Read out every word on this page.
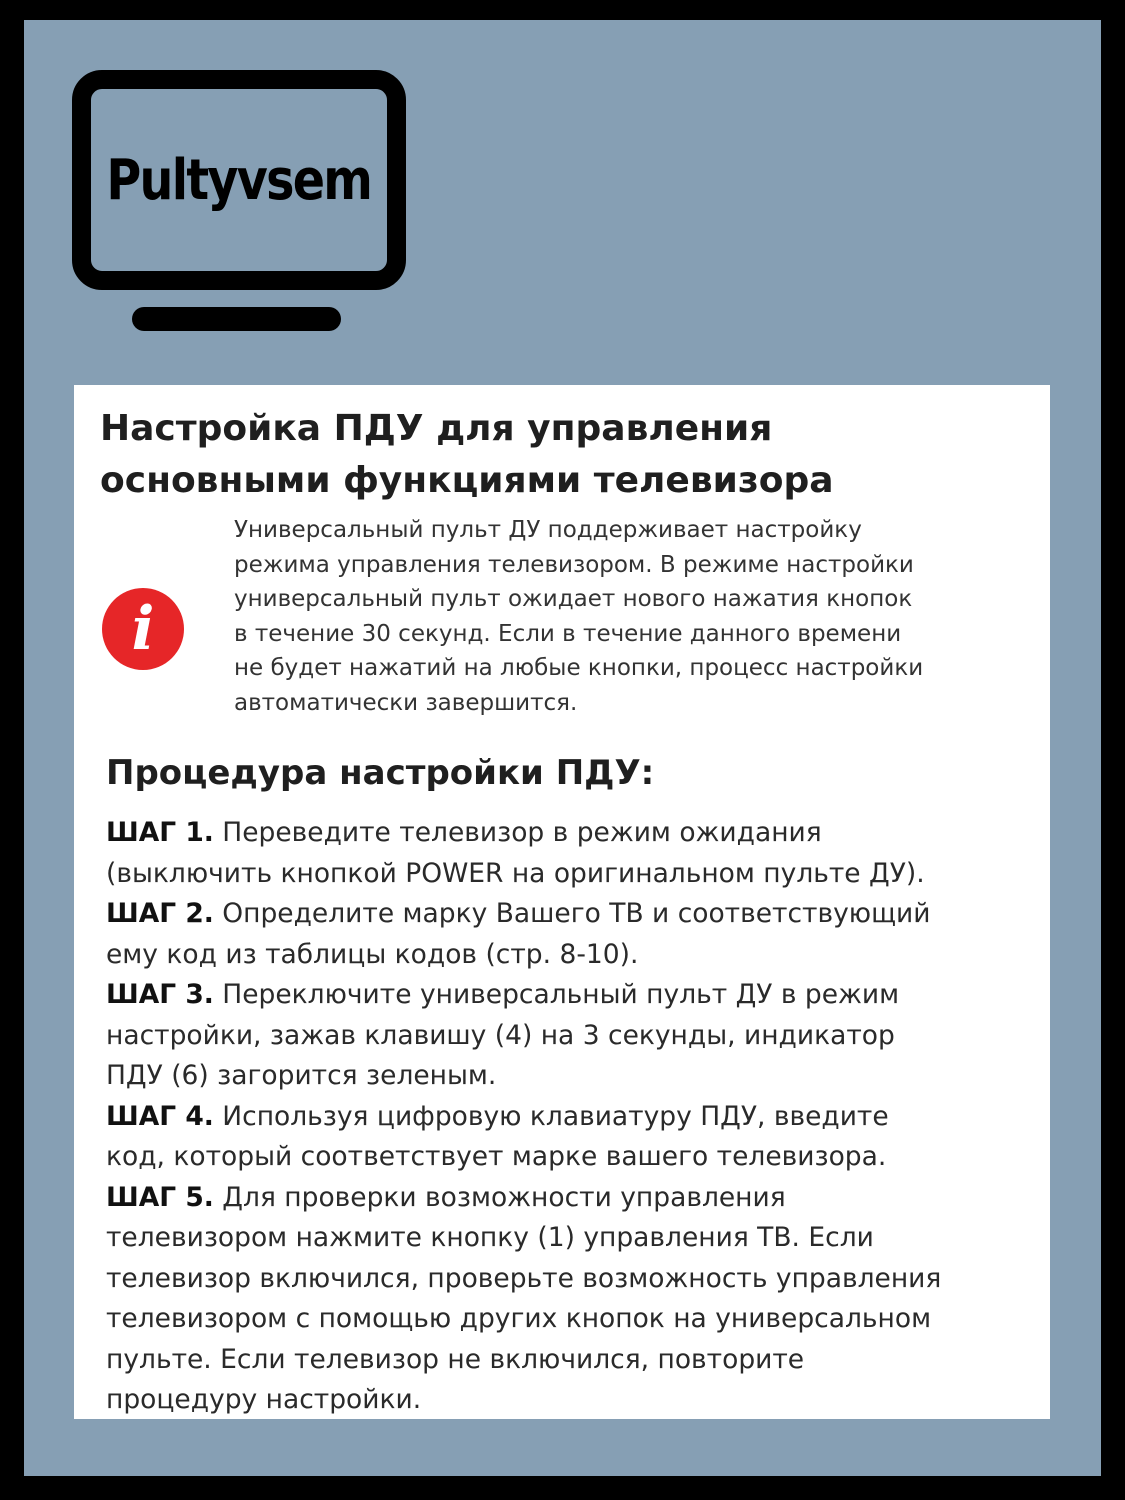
Pultyvsem
Настройка ПДУ для управления
основными функциями телевизора
i
Универсальный пульт ДУ поддерживает настройку
режима управления телевизором. В режиме настройки
универсальный пульт ожидает нового нажатия кнопок
в течение 30 секунд. Если в течение данного времени
не будет нажатий на любые кнопки, процесс настройки
автоматически завершится.
Процедура настройки ПДУ:
ШАГ 1. Переведите телевизор в режим ожидания
(выключить кнопкой POWER на оригинальном пульте ДУ).
ШАГ 2. Определите марку Вашего ТВ и соответствующий
ему код из таблицы кодов (стр. 8-10).
ШАГ 3. Переключите универсальный пульт ДУ в режим
настройки, зажав клавишу (4) на 3 секунды, индикатор
ПДУ (6) загорится зеленым.
ШАГ 4. Используя цифровую клавиатуру ПДУ, введите
код, который соответствует марке вашего телевизора.
ШАГ 5. Для проверки возможности управления
телевизором нажмите кнопку (1) управления ТВ. Если
телевизор включился, проверьте возможность управления
телевизором с помощью других кнопок на универсальном
пульте. Если телевизор не включился, повторите
процедуру настройки.
